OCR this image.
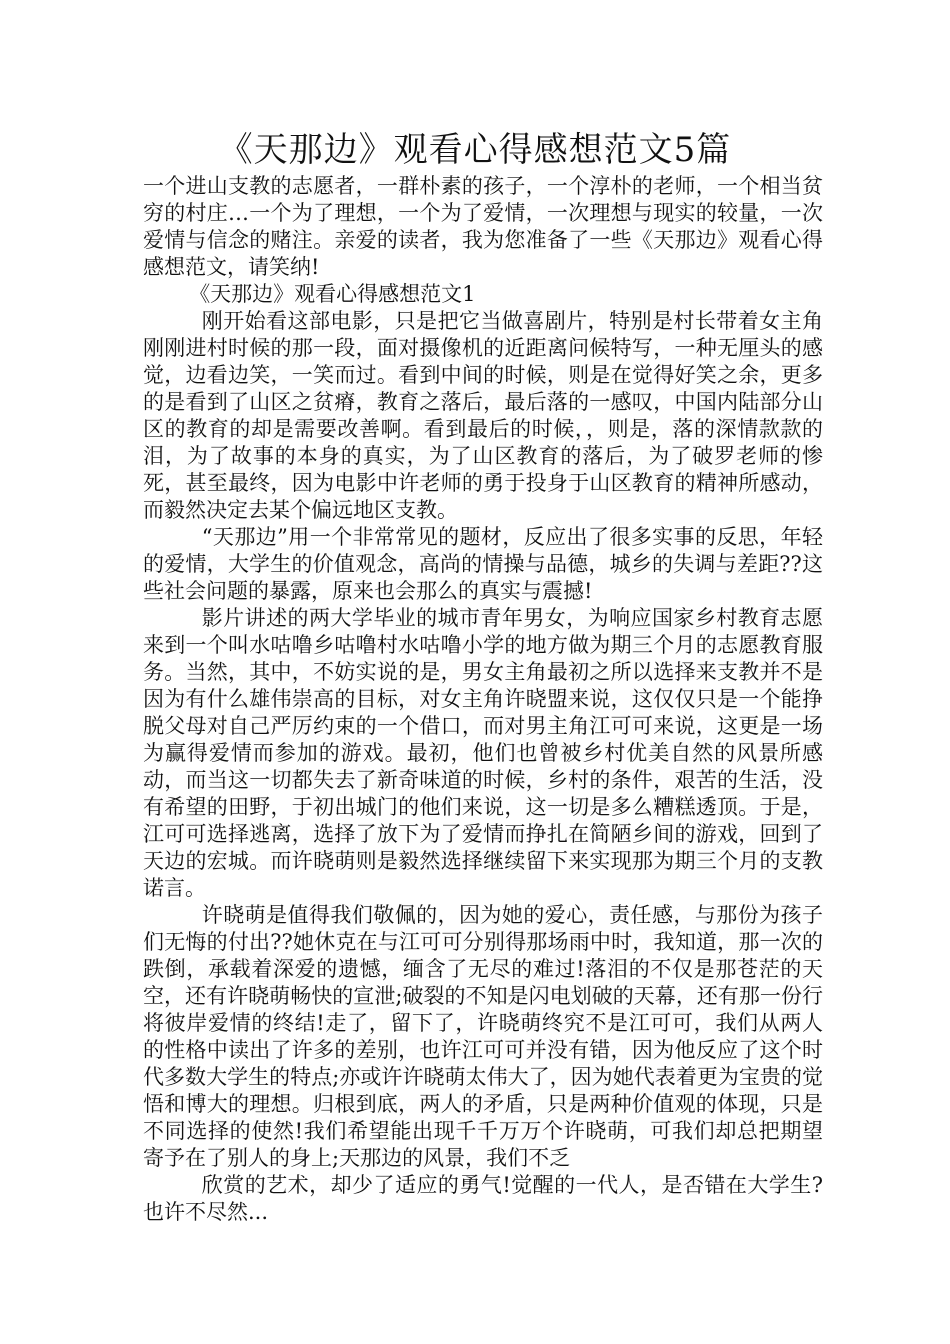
《天那边》观看心得感想范文5篇

一个进山支教的志愿者，一群朴素的孩子，一个淳朴的老师，一个相当贫穷的村庄…一个为了理想，一个为了爱情，一次理想与现实的较量，一次爱情与信念的赌注。亲爱的读者，我为您准备了一些《天那边》观看心得感想范文，请笑纳!

《天那边》观看心得感想范文1

刚开始看这部电影，只是把它当做喜剧片，特别是村长带着女主角刚刚进村时候的那一段，面对摄像机的近距离问候特写，一种无厘头的感觉，边看边笑，一笑而过。看到中间的时候，则是在觉得好笑之余，更多的是看到了山区之贫瘠，教育之落后，最后落的一感叹，中国内陆部分山区的教育的却是需要改善啊。看到最后的时候，，则是，落的深情款款的泪，为了故事的本身的真实，为了山区教育的落后，为了破罗老师的惨死，甚至最终，因为电影中许老师的勇于投身于山区教育的精神所感动，而毅然决定去某个偏远地区支教。

“天那边”用一个非常常见的题材，反应出了很多实事的反思，年轻的爱情，大学生的价值观念，高尚的情操与品德，城乡的失调与差距??这些社会问题的暴露，原来也会那么的真实与震撼!

影片讲述的两大学毕业的城市青年男女，为响应国家乡村教育志愿来到一个叫水咕噜乡咕噜村水咕噜小学的地方做为期三个月的志愿教育服务。当然，其中，不妨实说的是，男女主角最初之所以选择来支教并不是因为有什么雄伟崇高的目标，对女主角许晓盟来说，这仅仅只是一个能挣脱父母对自己严厉约束的一个借口，而对男主角江可可来说，这更是一场为赢得爱情而参加的游戏。最初，他们也曾被乡村优美自然的风景所感动，而当这一切都失去了新奇味道的时候，乡村的条件，艰苦的生活，没有希望的田野，于初出城门的他们来说，这一切是多么糟糕透顶。于是，江可可选择逃离，选择了放下为了爱情而挣扎在简陋乡间的游戏，回到了天边的宏城。而许晓萌则是毅然选择继续留下来实现那为期三个月的支教诺言。

许晓萌是值得我们敬佩的，因为她的爱心，责任感，与那份为孩子们无悔的付出??她休克在与江可可分别得那场雨中时，我知道，那一次的跌倒，承载着深爱的遗憾，缅含了无尽的难过!落泪的不仅是那苍茫的天空，还有许晓萌畅快的宣泄;破裂的不知是闪电划破的天幕，还有那一份行将彼岸爱情的终结!走了，留下了，许晓萌终究不是江可可，我们从两人的性格中读出了许多的差别，也许江可可并没有错，因为他反应了这个时代多数大学生的特点;亦或许许晓萌太伟大了，因为她代表着更为宝贵的觉悟和博大的理想。归根到底，两人的矛盾，只是两种价值观的体现，只是不同选择的使然!我们希望能出现千千万万个许晓萌，可我们却总把期望寄予在了别人的身上;天那边的风景，我们不乏

欣赏的艺术，却少了适应的勇气!觉醒的一代人，是否错在大学生?也许不尽然...
